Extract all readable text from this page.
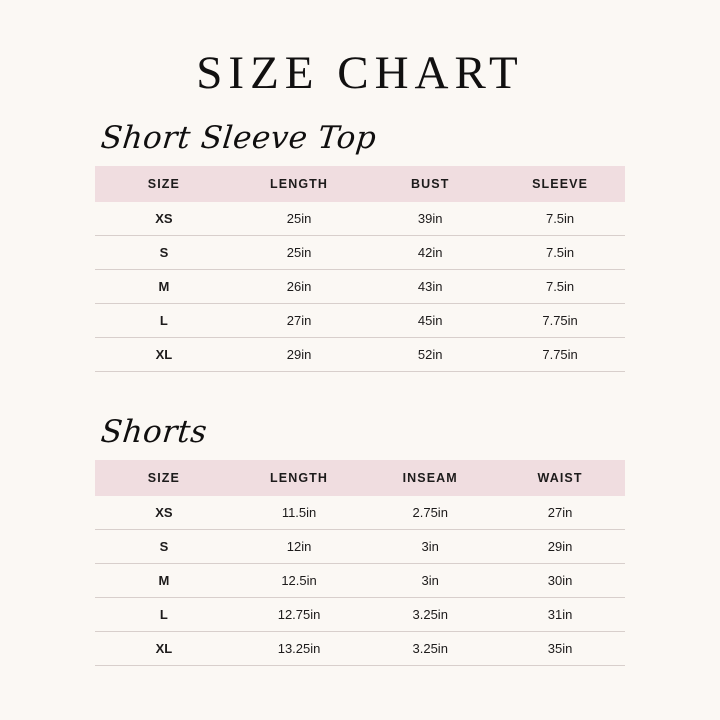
SIZE CHART
Short Sleeve Top
SIZE	LENGTH	BUST	SLEEVE
XS	25in	39in	7.5in
S	25in	42in	7.5in
M	26in	43in	7.5in
L	27in	45in	7.75in
XL	29in	52in	7.75in
Shorts
SIZE	LENGTH	INSEAM	WAIST
XS	11.5in	2.75in	27in
S	12in	3in	29in
M	12.5in	3in	30in
L	12.75in	3.25in	31in
XL	13.25in	3.25in	35in
